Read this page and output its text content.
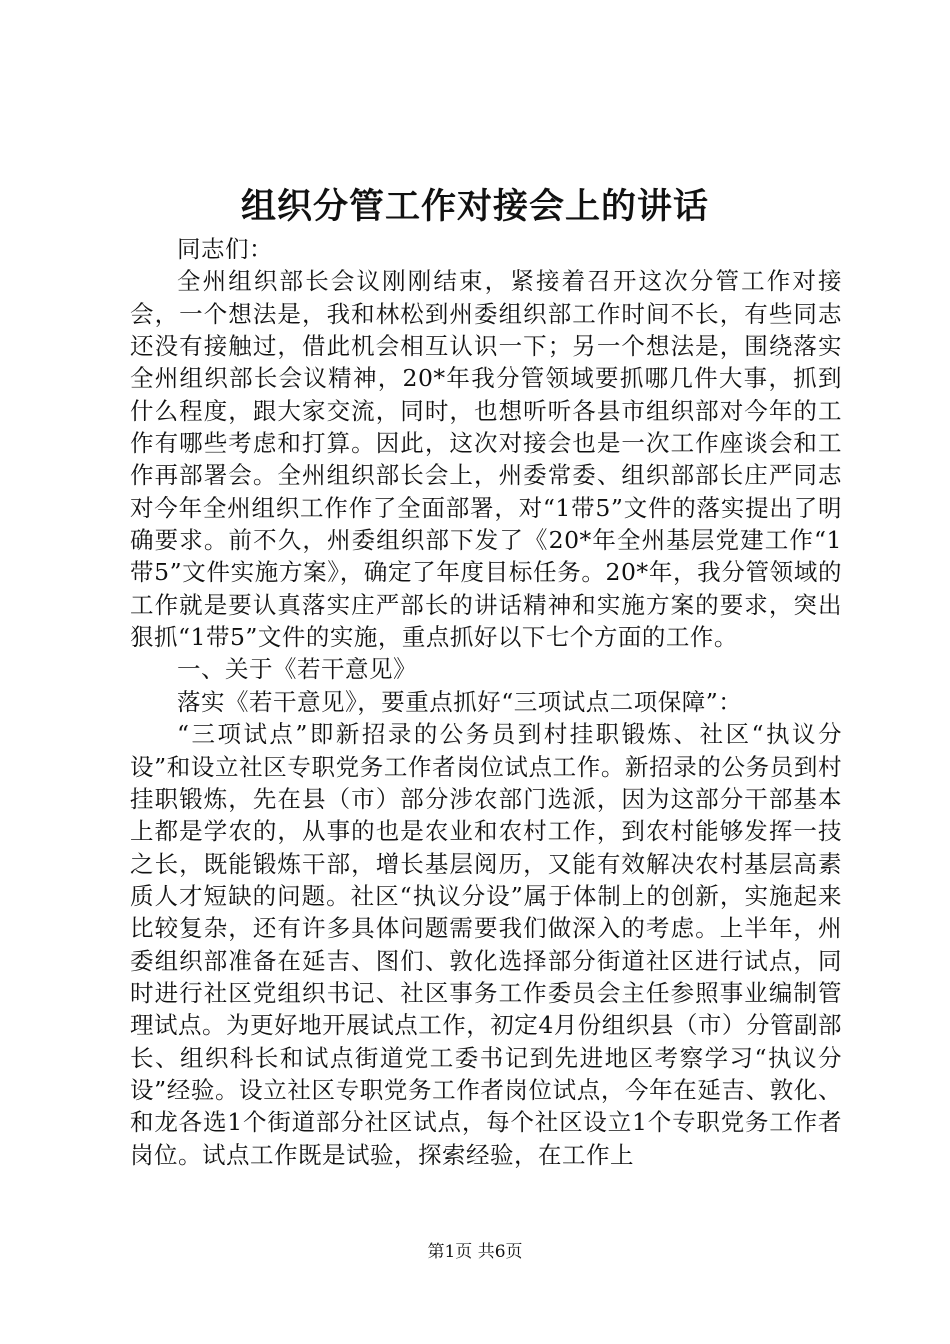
组织分管工作对接会上的讲话

同志们：

全州组织部长会议刚刚结束，紧接着召开这次分管工作对接会，一个想法是，我和林松到州委组织部工作时间不长，有些同志还没有接触过，借此机会相互认识一下；另一个想法是，围绕落实全州组织部长会议精神，20*年我分管领域要抓哪几件大事，抓到什么程度，跟大家交流，同时，也想听听各县市组织部对今年的工作有哪些考虑和打算。因此，这次对接会也是一次工作座谈会和工作再部署会。全州组织部长会上，州委常委、组织部部长庄严同志对今年全州组织工作作了全面部署，对“1带5”文件的落实提出了明确要求。前不久，州委组织部下发了《20*年全州基层党建工作“1带5”文件实施方案》，确定了年度目标任务。20*年，我分管领域的工作就是要认真落实庄严部长的讲话精神和实施方案的要求，突出狠抓“1带5”文件的实施，重点抓好以下七个方面的工作。

一、关于《若干意见》

落实《若干意见》，要重点抓好“三项试点二项保障”：

“三项试点”即新招录的公务员到村挂职锻炼、社区“执议分设”和设立社区专职党务工作者岗位试点工作。新招录的公务员到村挂职锻炼，先在县（市）部分涉农部门选派，因为这部分干部基本上都是学农的，从事的也是农业和农村工作，到农村能够发挥一技之长，既能锻炼干部，增长基层阅历，又能有效解决农村基层高素质人才短缺的问题。社区“执议分设”属于体制上的创新，实施起来比较复杂，还有许多具体问题需要我们做深入的考虑。上半年，州委组织部准备在延吉、图们、敦化选择部分街道社区进行试点，同时进行社区党组织书记、社区事务工作委员会主任参照事业编制管理试点。为更好地开展试点工作，初定4月份组织县（市）分管副部长、组织科长和试点街道党工委书记到先进地区考察学习“执议分设”经验。设立社区专职党务工作者岗位试点，今年在延吉、敦化、和龙各选1个街道部分社区试点，每个社区设立1个专职党务工作者岗位。试点工作既是试验，探索经验，在工作上

第1页 共6页
